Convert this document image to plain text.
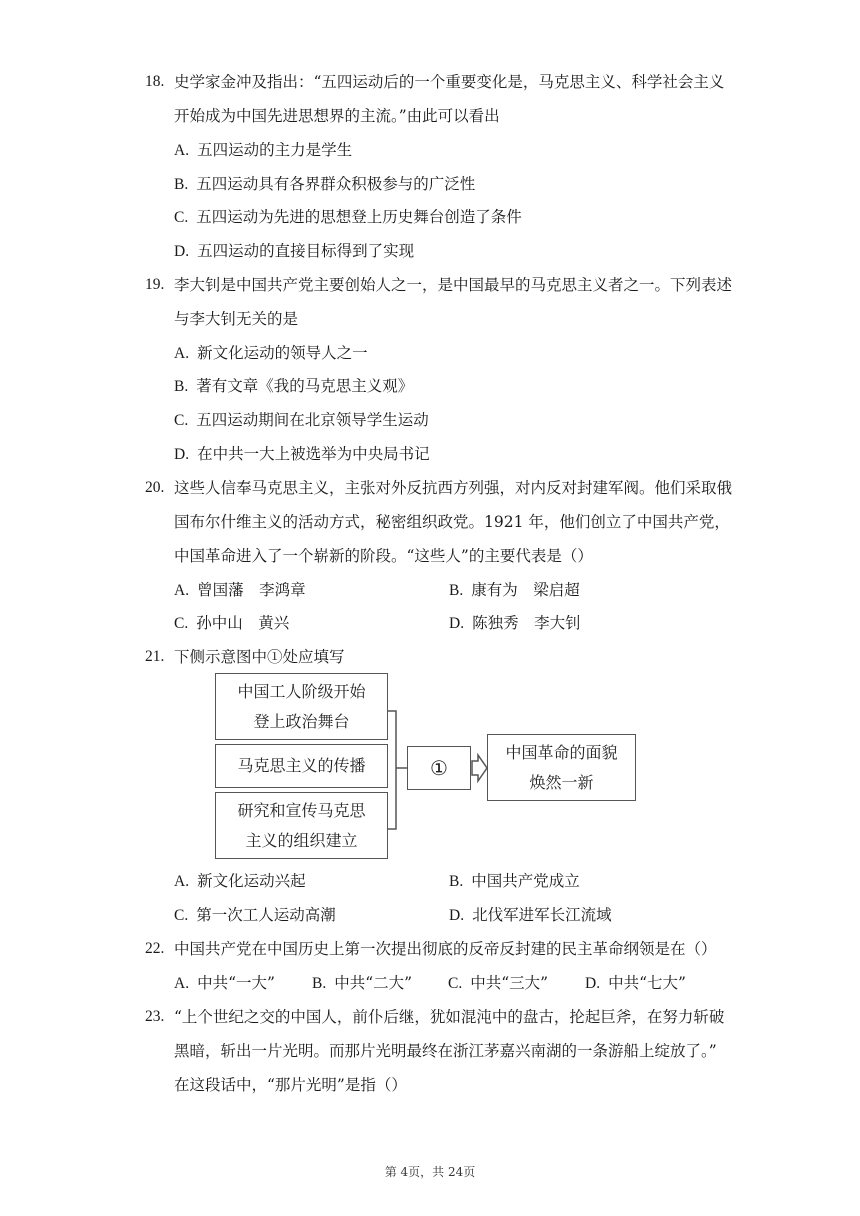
18. 史学家金冲及指出：“五四运动后的一个重要变化是，马克思主义、科学社会主义
开始成为中国先进思想界的主流。”由此可以看出
A. 五四运动的主力是学生
B. 五四运动具有各界群众积极参与的广泛性
C. 五四运动为先进的思想登上历史舞台创造了条件
D. 五四运动的直接目标得到了实现
19. 李大钊是中国共产党主要创始人之一，是中国最早的马克思主义者之一。下列表述
与李大钊无关的是
A. 新文化运动的领导人之一
B. 著有文章《我的马克思主义观》
C. 五四运动期间在北京领导学生运动
D. 在中共一大上被选举为中央局书记
20. 这些人信奉马克思主义，主张对外反抗西方列强，对内反对封建军阀。他们采取俄
国布尔什维主义的活动方式，秘密组织政党。1921 年，他们创立了中国共产党，
中国革命进入了一个崭新的阶段。“这些人”的主要代表是（）
A. 曾国藩　李鸿章	B. 康有为　梁启超
C. 孙中山　黄兴	D. 陈独秀　李大钊
21. 下侧示意图中①处应填写
中国工人阶级开始
登上政治舞台
马克思主义的传播
研究和宣传马克思
主义的组织建立
①
中国革命的面貌
焕然一新
A. 新文化运动兴起	B. 中国共产党成立
C. 第一次工人运动高潮	D. 北伐军进军长江流域
22. 中国共产党在中国历史上第一次提出彻底的反帝反封建的民主革命纲领是在（）
A. 中共“一大” B. 中共“二大” C. 中共“三大” D. 中共“七大”
23. “上个世纪之交的中国人，前仆后继，犹如混沌中的盘古，抡起巨斧，在努力斩破
黑暗，斩出一片光明。而那片光明最终在浙江茅嘉兴南湖的一条游船上绽放了。”
在这段话中，“那片光明”是指（）
第 4页，共 24页
